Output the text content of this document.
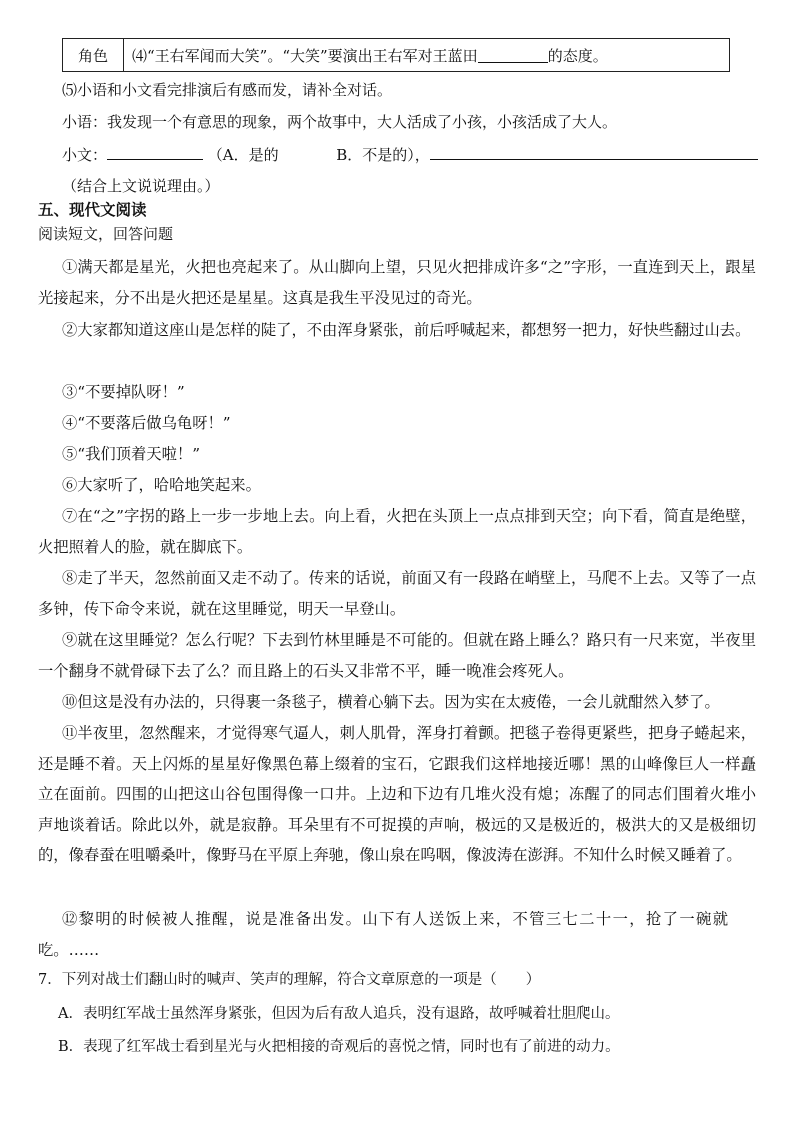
角色	⑷“王右军闻而大笑”。“大笑”要演出王右军对王蓝田	的态度。
⑸小语和小文看完排演后有感而发，请补全对话。
小语：我发现一个有意思的现象，两个故事中，大人活成了小孩，小孩活成了大人。
小文：	（A．是的	B．不是的），
（结合上文说说理由。）
五、现代文阅读
阅读短文，回答问题
①满天都是星光，火把也亮起来了。从山脚向上望，只见火把排成许多“之”字形，一直连到天上，跟星光接起来，分不出是火把还是星星。这真是我生平没见过的奇光。
②大家都知道这座山是怎样的陡了，不由浑身紧张，前后呼喊起来，都想努一把力，好快些翻过山去。
③“不要掉队呀！”
④“不要落后做乌龟呀！”
⑤“我们顶着天啦！”
⑥大家听了，哈哈地笑起来。
⑦在“之”字拐的路上一步一步地上去。向上看，火把在头顶上一点点排到天空；向下看，简直是绝壁，火把照着人的脸，就在脚底下。
⑧走了半天，忽然前面又走不动了。传来的话说，前面又有一段路在峭壁上，马爬不上去。又等了一点多钟，传下命令来说，就在这里睡觉，明天一早登山。
⑨就在这里睡觉？怎么行呢？下去到竹林里睡是不可能的。但就在路上睡么？路只有一尺来宽，半夜里一个翻身不就骨碌下去了么？而且路上的石头又非常不平，睡一晚准会疼死人。
⑩但这是没有办法的，只得裹一条毯子，横着心躺下去。因为实在太疲倦，一会儿就酣然入梦了。
⑪半夜里，忽然醒来，才觉得寒气逼人，刺人肌骨，浑身打着颤。把毯子卷得更紧些，把身子蜷起来，还是睡不着。天上闪烁的星星好像黑色幕上缀着的宝石，它跟我们这样地接近哪！黑的山峰像巨人一样矗立在面前。四围的山把这山谷包围得像一口井。上边和下边有几堆火没有熄；冻醒了的同志们围着火堆小声地谈着话。除此以外，就是寂静。耳朵里有不可捉摸的声响，极远的又是极近的，极洪大的又是极细切的，像春蚕在咀嚼桑叶，像野马在平原上奔驰，像山泉在呜咽，像波涛在澎湃。不知什么时候又睡着了。
⑫黎明的时候被人推醒，说是准备出发。山下有人送饭上来，不管三七二十一，抢了一碗就吃。……
7．下列对战士们翻山时的喊声、笑声的理解，符合文章原意的一项是（　　）
A．表明红军战士虽然浑身紧张，但因为后有敌人追兵，没有退路，故呼喊着壮胆爬山。
B．表现了红军战士看到星光与火把相接的奇观后的喜悦之情，同时也有了前进的动力。
